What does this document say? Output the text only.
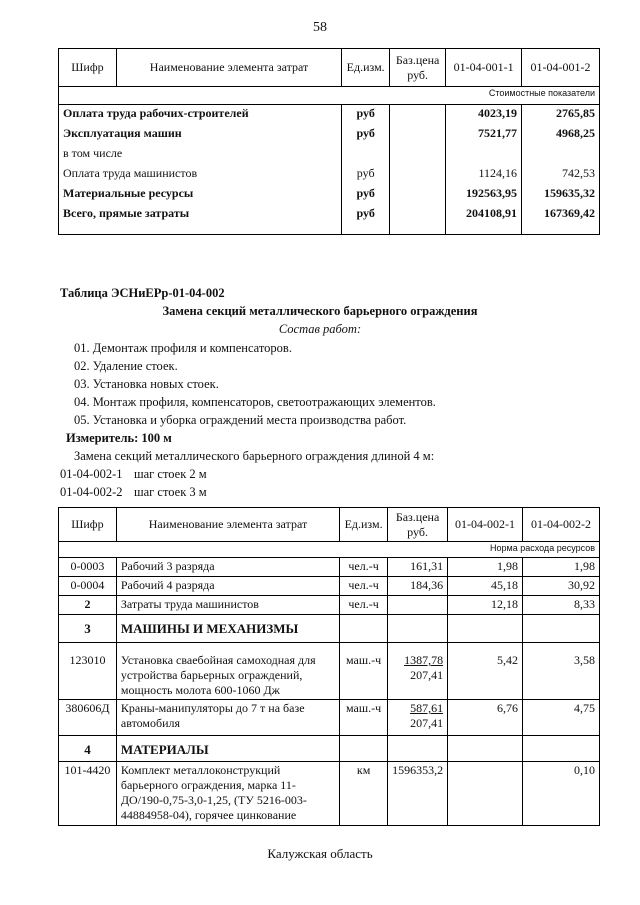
58
Шифр	Наименование элемента затрат	Ед.изм.	Баз.цена руб.	01-04-001-1	01-04-001-2
Стоимостные показатели					
Оплата труда рабочих-строителей		руб		4023,19	2765,85
Эксплуатация машин		руб		7521,77	4968,25
в том числе					
Оплата труда машинистов		руб		1124,16	742,53
Материальные ресурсы		руб		192563,95	159635,32
Всего, прямые затраты		руб		204108,91	167369,42
Таблица ЭСНиЕРр-01-04-002
Замена секций металлического барьерного ограждения
Состав работ:
01. Демонтаж профиля и компенсаторов.
02. Удаление стоек.
03. Установка новых стоек.
04. Монтаж профиля, компенсаторов, светоотражающих элементов.
05. Установка и уборка ограждений места производства работ.
Измеритель: 100 м
Замена секций металлического барьерного ограждения длиной 4 м:
01-04-002-1 шаг стоек 2 м
01-04-002-2 шаг стоек 3 м
Шифр	Наименование элемента затрат	Ед.изм.	Баз.цена руб.	01-04-002-1	01-04-002-2
Норма расхода ресурсов					
0-0003	Рабочий 3 разряда	чел.-ч	161,31	1,98	1,98
0-0004	Рабочий 4 разряда	чел.-ч	184,36	45,18	30,92
2	Затраты труда машинистов	чел.-ч		12,18	8,33
3	МАШИНЫ И МЕХАНИЗМЫ				
123010	Установка сваебойная самоходная для устройства барьерных ограждений, мощность молота 600-1060 Дж	маш.-ч	1387,78
207,41	5,42	3,58
380606Д	Краны-манипуляторы до 7 т на базе автомобиля	маш.-ч	587,61
207,41	6,76	4,75
4	МАТЕРИАЛЫ				
101-4420	Комплект металлоконструкций барьерного ограждения, марка 11-ДО/190-0,75-3,0-1,25, (ТУ 5216-003-44884958-04), горячее цинкование	км	1596353,2		0,10
Калужская область
